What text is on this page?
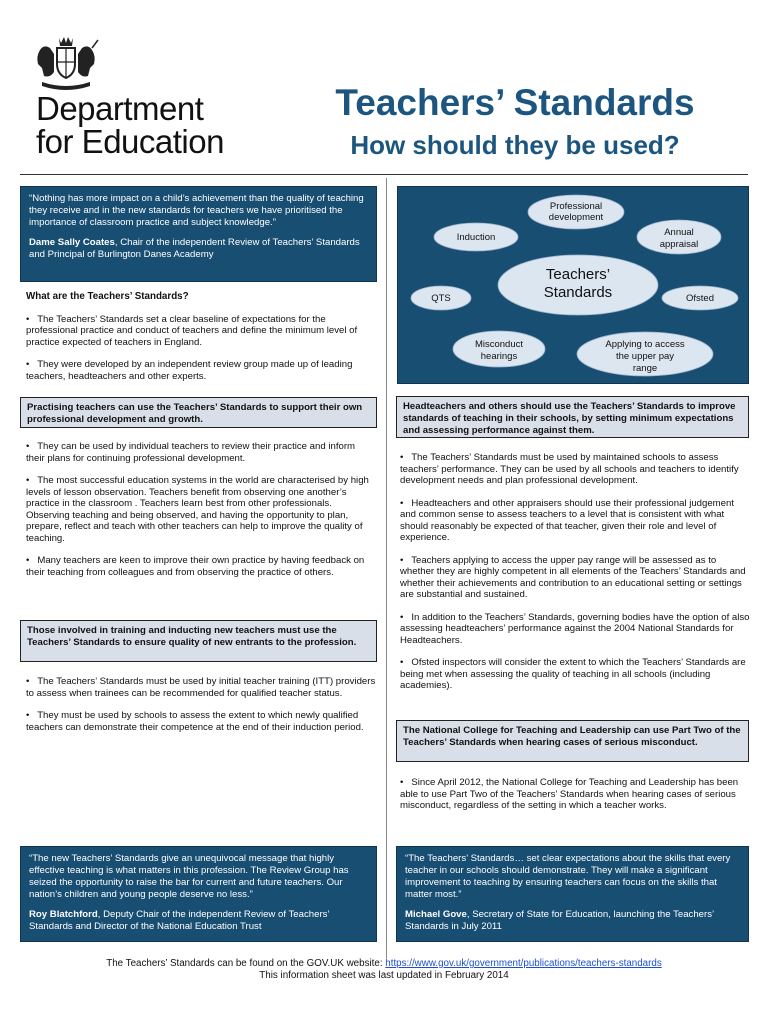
Department
for Education
Teachers’ Standards
How should they be used?

“Nothing has more impact on a child’s achievement than the quality of teaching they receive and in the new standards for teachers we have prioritised the importance of classroom practice and subject knowledge.”

Dame Sally Coates, Chair of the independent Review of Teachers’ Standards and Principal of Burlington Danes Academy

What are the Teachers’ Standards?

•   The Teachers’ Standards set a clear baseline of expectations for the professional practice and conduct of teachers and define the minimum level of practice expected of teachers in England.

•   They were developed by an independent review group made up of leading teachers, headteachers and other experts.

Practising teachers can use the Teachers’ Standards to support their own professional development and growth.

•   They can be used by individual teachers to review their practice and inform their plans for continuing professional development.

•   The most successful education systems in the world are characterised by high levels of lesson observation. Teachers benefit from observing one another’s practice in the classroom . Teachers learn best from other professionals. Observing teaching and being observed, and having the opportunity to plan, prepare, reflect and teach with other teachers can help to improve the quality of teaching.

•   Many teachers are keen to improve their own practice by having feedback on their teaching from colleagues and from observing the practice of others.

Those involved in training and inducting new teachers must use the Teachers’ Standards to ensure quality of new entrants to the profession.

•   The Teachers’ Standards must be used by initial teacher training (ITT) providers to assess when trainees can be recommended for qualified teacher status.

•   They must be used by schools to assess the extent to which newly qualified teachers can demonstrate their competence at the end of their induction period.

“The new Teachers’ Standards give an unequivocal message that highly effective teaching is what matters in this profession. The Review Group has seized the opportunity to raise the bar for current and future teachers. Our nation’s children and young people deserve no less.”

Roy Blatchford, Deputy Chair of the independent Review of Teachers’ Standards and Director of the National Education Trust

Teachers’
Standards
Professional
development
Induction	Annual
appraisal
QTS	Ofsted
Misconduct
hearings
Applying to access
the upper pay
range
Headteachers and others should use the Teachers’ Standards to improve standards of teaching in their schools, by setting minimum expectations and assessing performance against them.

•   The Teachers’ Standards must be used by maintained schools to assess teachers’ performance. They can be used by all schools and teachers to identify development needs and plan professional development.

•   Headteachers and other appraisers should use their professional judgement and common sense to assess teachers to a level that is consistent with what should reasonably be expected of that teacher, given their role and level of experience.

•   Teachers applying to access the upper pay range will be assessed as to whether they are highly competent in all elements of the Teachers’ Standards and whether their achievements and contribution to an educational setting or settings are substantial and sustained.

•   In addition to the Teachers’ Standards, governing bodies have the option of also assessing headteachers’ performance against the 2004 National Standards for Headteachers.

•   Ofsted inspectors will consider the extent to which the Teachers’ Standards are being met when assessing the quality of teaching in all schools (including academies).

The National College for Teaching and Leadership can use Part Two of the Teachers’ Standards when hearing cases of serious misconduct.

•   Since April 2012, the National College for Teaching and Leadership has been able to use Part Two of the Teachers’ Standards when hearing cases of serious misconduct, regardless of the setting in which a teacher works.

“The Teachers’ Standards… set clear expectations about the skills that every teacher in our schools should demonstrate. They will make a significant improvement to teaching by ensuring teachers can focus on the skills that matter most.”

Michael Gove, Secretary of State for Education, launching the Teachers’ Standards in July 2011

The Teachers’ Standards can be found on the GOV.UK website: https://www.gov.uk/government/publications/teachers-standards
This information sheet was last updated in February 2014
